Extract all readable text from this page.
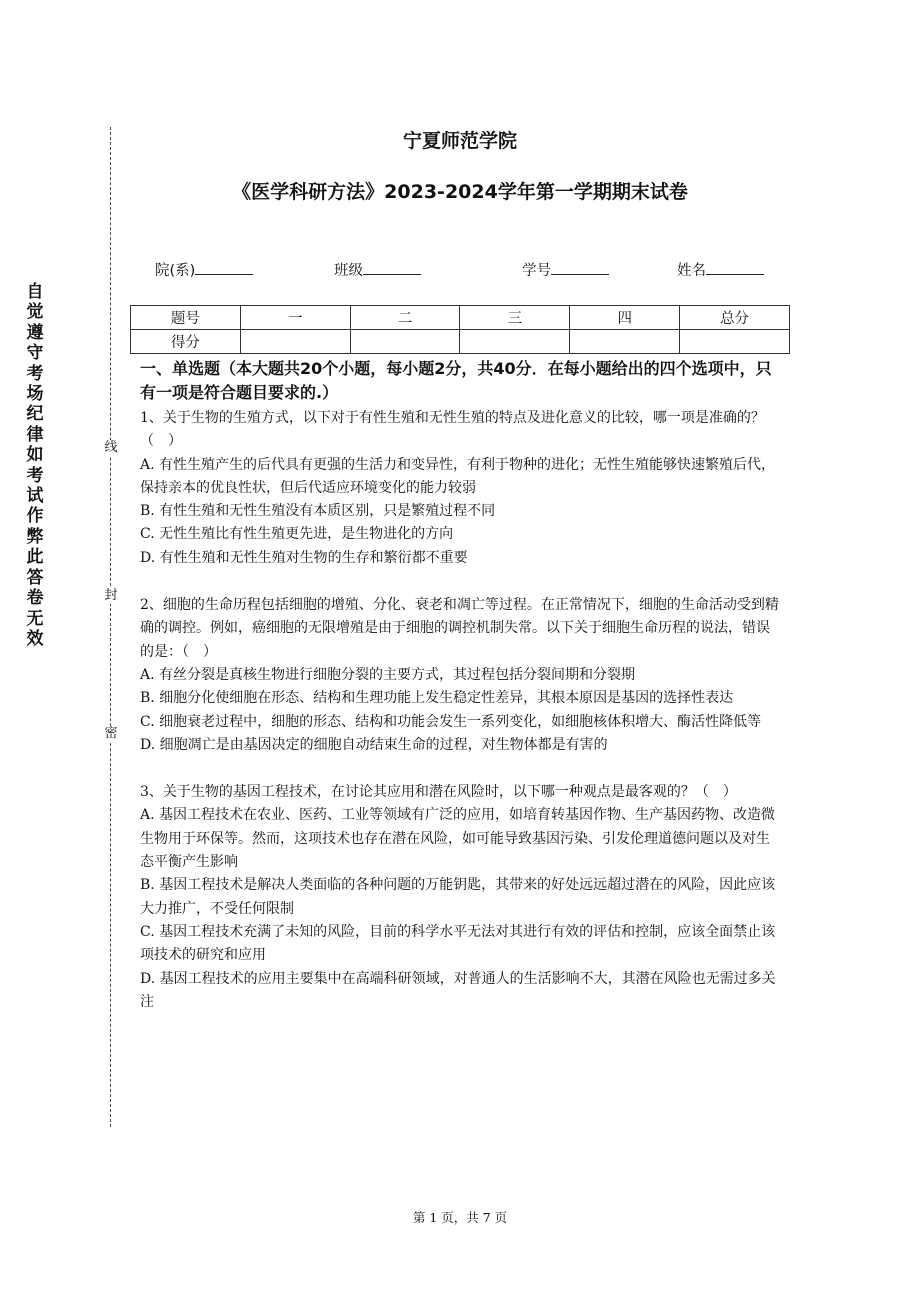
自觉遵守考场纪律如考试作弊此答卷无效
线
封
密
宁夏师范学院
《医学科研方法》2023-2024学年第一学期期末试卷
院(系)	班级	学号	姓名
题号	一	二	三	四	总分
得分					

一、单选题（本大题共20个小题，每小题2分，共40分．在每小题给出的四个选项中，只有一项是符合题目要求的.）

1、关于生物的生殖方式，以下对于有性生殖和无性生殖的特点及进化意义的比较，哪一项是准确的？（　）

A. 有性生殖产生的后代具有更强的生活力和变异性，有利于物种的进化；无性生殖能够快速繁殖后代，保持亲本的优良性状，但后代适应环境变化的能力较弱

B. 有性生殖和无性生殖没有本质区别，只是繁殖过程不同

C. 无性生殖比有性生殖更先进，是生物进化的方向

D. 有性生殖和无性生殖对生物的生存和繁衍都不重要

2、细胞的生命历程包括细胞的增殖、分化、衰老和凋亡等过程。在正常情况下，细胞的生命活动受到精确的调控。例如，癌细胞的无限增殖是由于细胞的调控机制失常。以下关于细胞生命历程的说法，错误的是：（　）

A. 有丝分裂是真核生物进行细胞分裂的主要方式，其过程包括分裂间期和分裂期

B. 细胞分化使细胞在形态、结构和生理功能上发生稳定性差异，其根本原因是基因的选择性表达

C. 细胞衰老过程中，细胞的形态、结构和功能会发生一系列变化，如细胞核体积增大、酶活性降低等

D. 细胞凋亡是由基因决定的细胞自动结束生命的过程，对生物体都是有害的

3、关于生物的基因工程技术，在讨论其应用和潜在风险时，以下哪一种观点是最客观的？（　）

A. 基因工程技术在农业、医药、工业等领域有广泛的应用，如培育转基因作物、生产基因药物、改造微生物用于环保等。然而，这项技术也存在潜在风险，如可能导致基因污染、引发伦理道德问题以及对生态平衡产生影响

B. 基因工程技术是解决人类面临的各种问题的万能钥匙，其带来的好处远远超过潜在的风险，因此应该大力推广，不受任何限制

C. 基因工程技术充满了未知的风险，目前的科学水平无法对其进行有效的评估和控制，应该全面禁止该项技术的研究和应用

D. 基因工程技术的应用主要集中在高端科研领域，对普通人的生活影响不大，其潜在风险也无需过多关注

第 1 页，共 7 页
